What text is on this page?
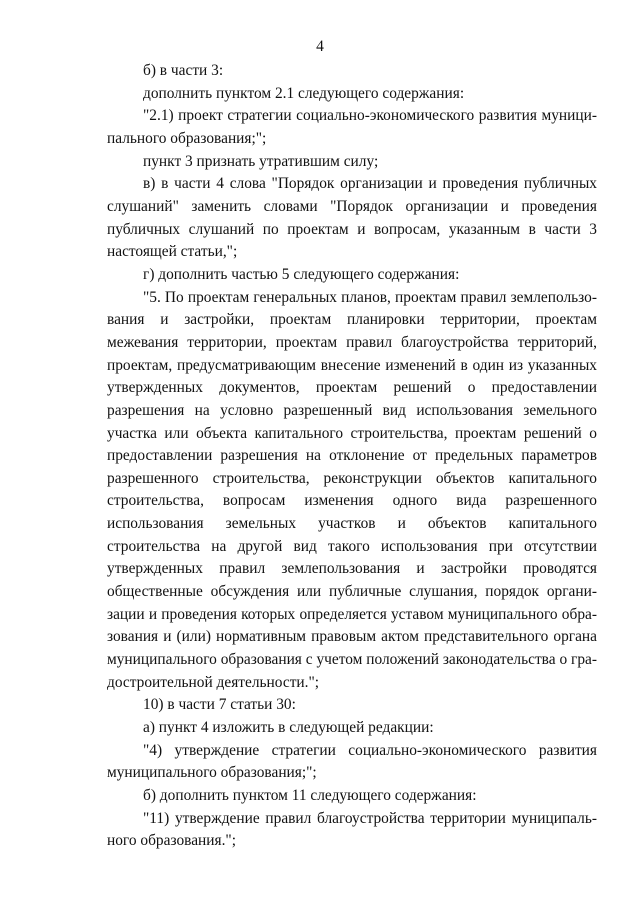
4

б) в части 3:

дополнить пунктом 2.1 следующего содержания:

"2.1) проект стратегии социально-экономического развития муниципального образования;";

пункт 3 признать утратившим силу;

в) в части 4 слова "Порядок организации и проведения публичных слушаний" заменить словами "Порядок организации и проведения публичных слушаний по проектам и вопросам, указанным в части 3 настоящей статьи,";

г) дополнить частью 5 следующего содержания:

"5. По проектам генеральных планов, проектам правил землепользования и застройки, проектам планировки территории, проектам межевания территории, проектам правил благоустройства территорий, проектам, предусматривающим внесение изменений в один из указанных утвержденных документов, проектам решений о предоставлении разрешения на условно разрешенный вид использования земельного участка или объекта капитального строительства, проектам решений о предоставлении разрешения на отклонение от предельных параметров разрешенного строительства, реконструкции объектов капитального строительства, вопросам изменения одного вида разрешенного использования земельных участков и объектов капитального строительства на другой вид такого использования при отсутствии утвержденных правил землепользования и застройки проводятся общественные обсуждения или публичные слушания, порядок организации и проведения которых определяется уставом муниципального образования и (или) нормативным правовым актом представительного органа муниципального образования с учетом положений законодательства о градостроительной деятельности.";

10) в части 7 статьи 30:

а) пункт 4 изложить в следующей редакции:

"4) утверждение стратегии социально-экономического развития муниципального образования;";

б) дополнить пунктом 11 следующего содержания:

"11) утверждение правил благоустройства территории муниципального образования.";
